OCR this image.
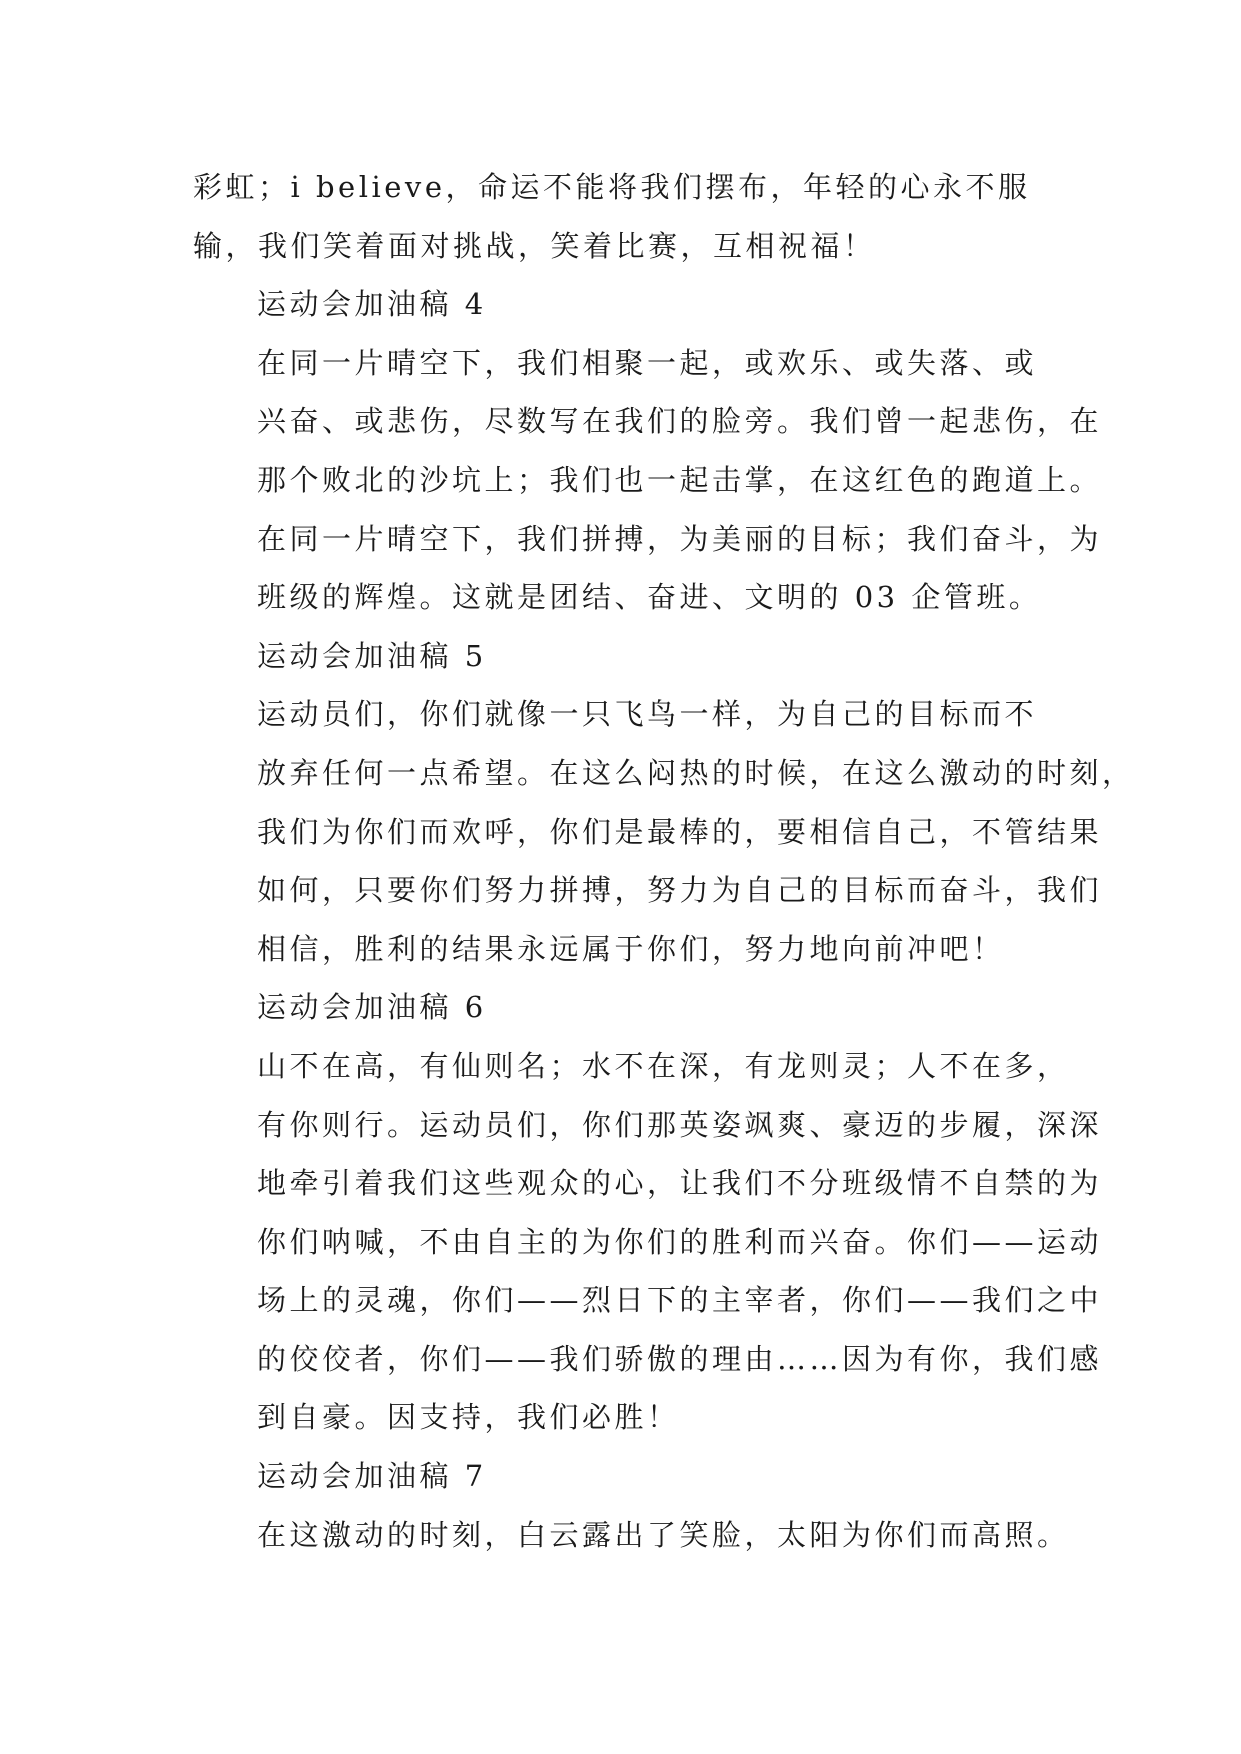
彩虹；i believe，命运不能将我们摆布，年轻的心永不服
输，我们笑着面对挑战，笑着比赛，互相祝福！
运动会加油稿 4
在同一片晴空下，我们相聚一起，或欢乐、或失落、或
兴奋、或悲伤，尽数写在我们的脸旁。我们曾一起悲伤，在
那个败北的沙坑上；我们也一起击掌，在这红色的跑道上。
在同一片晴空下，我们拼搏，为美丽的目标；我们奋斗，为
班级的辉煌。这就是团结、奋进、文明的 03 企管班。
运动会加油稿 5
运动员们，你们就像一只飞鸟一样，为自己的目标而不
放弃任何一点希望。在这么闷热的时候，在这么激动的时刻，
我们为你们而欢呼，你们是最棒的，要相信自己，不管结果
如何，只要你们努力拼搏，努力为自己的目标而奋斗，我们
相信，胜利的结果永远属于你们，努力地向前冲吧！
运动会加油稿 6
山不在高，有仙则名；水不在深，有龙则灵；人不在多，
有你则行。运动员们，你们那英姿飒爽、豪迈的步履，深深
地牵引着我们这些观众的心，让我们不分班级情不自禁的为
你们呐喊，不由自主的为你们的胜利而兴奋。你们——运动
场上的灵魂，你们——烈日下的主宰者，你们——我们之中
的佼佼者，你们——我们骄傲的理由……因为有你，我们感
到自豪。因支持，我们必胜！
运动会加油稿 7
在这激动的时刻，白云露出了笑脸，太阳为你们而高照。
